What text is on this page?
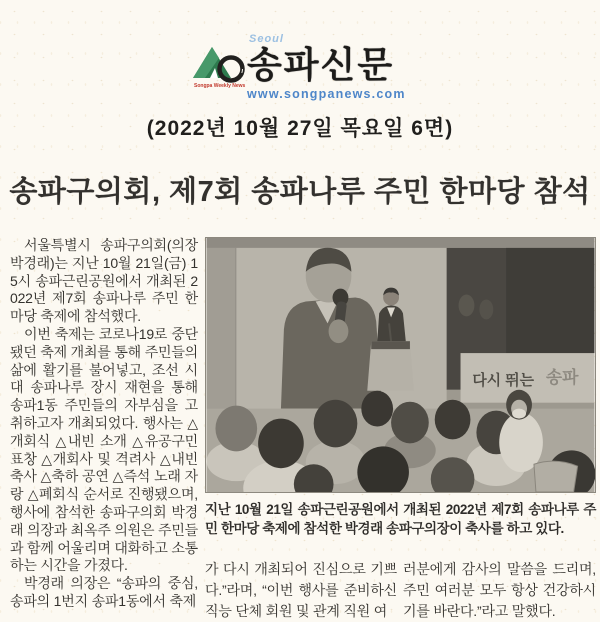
Songpa Weekly News
Seoul
송파신문
www.songpanews.com
(2022년 10월 27일 목요일 6면)
송파구의회, 제7회 송파나루 주민 한마당 참석

서울특별시 송파구의회(의장 박경래)는 지난 10월 21일(금) 15시 송파근린공원에서 개최된 2022년 제7회 송파나루 주민 한마당 축제에 참석했다.

이번 축제는 코로나19로 중단됐던 축제 개최를 통해 주민들의 삶에 활기를 불어넣고, 조선 시대 송파나루 장시 재현을 통해 송파1동 주민들의 자부심을 고취하고자 개최되었다. 행사는 △개회식 △내빈 소개 △유공구민 표창 △개회사 및 격려사 △내빈 축사 △축하 공연 △즉석 노래 자랑 △폐회식 순서로 진행됐으며, 행사에 참석한 송파구의회 박경래 의장과 최옥주 의원은 주민들과 함께 어울리며 대화하고 소통하는 시간을 가졌다.

박경래 의장은 “송파의 중심, 송파의 1번지 송파1동에서 축제

다시 뛰는 송파
지난 10월 21일 송파근린공원에서 개최된 2022년 제7회 송파나루 주민 한마당 축제에 참석한 박경래 송파구의장이 축사를 하고 있다.
가 다시 개최되어 진심으로 기쁘다.”라며, “이번 행사를 준비하신 직능 단체 회원 및 관계 직원 여
러분에게 감사의 말씀을 드리며, 주민 여러분 모두 항상 건강하시기를 바란다.”라고 말했다.
